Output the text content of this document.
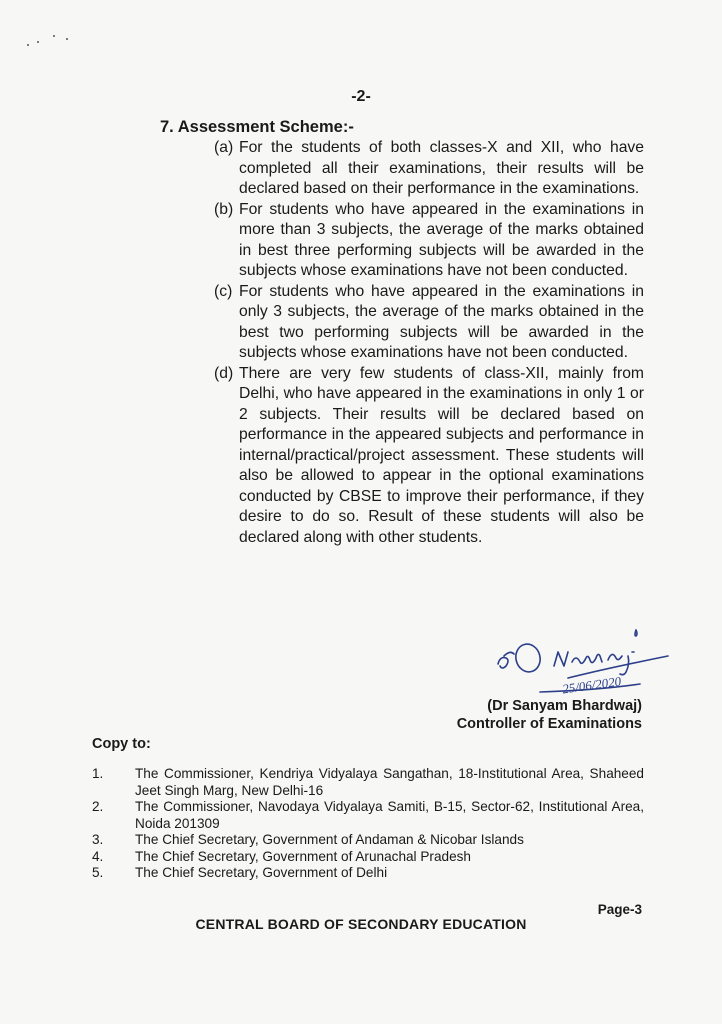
-2-
7. Assessment Scheme:-
(a) For the students of both classes-X and XII, who have completed all their examinations, their results will be declared based on their performance in the examinations.
(b) For students who have appeared in the examinations in more than 3 subjects, the average of the marks obtained in best three performing subjects will be awarded in the subjects whose examinations have not been conducted.
(c) For students who have appeared in the examinations in only 3 subjects, the average of the marks obtained in the best two performing subjects will be awarded in the subjects whose examinations have not been conducted.
(d) There are very few students of class-XII, mainly from Delhi, who have appeared in the examinations in only 1 or 2 subjects. Their results will be declared based on performance in the appeared subjects and performance in internal/practical/project assessment. These students will also be allowed to appear in the optional examinations conducted by CBSE to improve their performance, if they desire to do so. Result of these students will also be declared along with other students.
25/06/2020
(Dr Sanyam Bhardwaj)
Controller of Examinations
Copy to:
1. The Commissioner, Kendriya Vidyalaya Sangathan, 18-Institutional Area, Shaheed Jeet Singh Marg, New Delhi-16
2. The Commissioner, Navodaya Vidyalaya Samiti, B-15, Sector-62, Institutional Area, Noida 201309
3. The Chief Secretary, Government of Andaman & Nicobar Islands
4. The Chief Secretary, Government of Arunachal Pradesh
5. The Chief Secretary, Government of Delhi
Page-3
CENTRAL BOARD OF SECONDARY EDUCATION
